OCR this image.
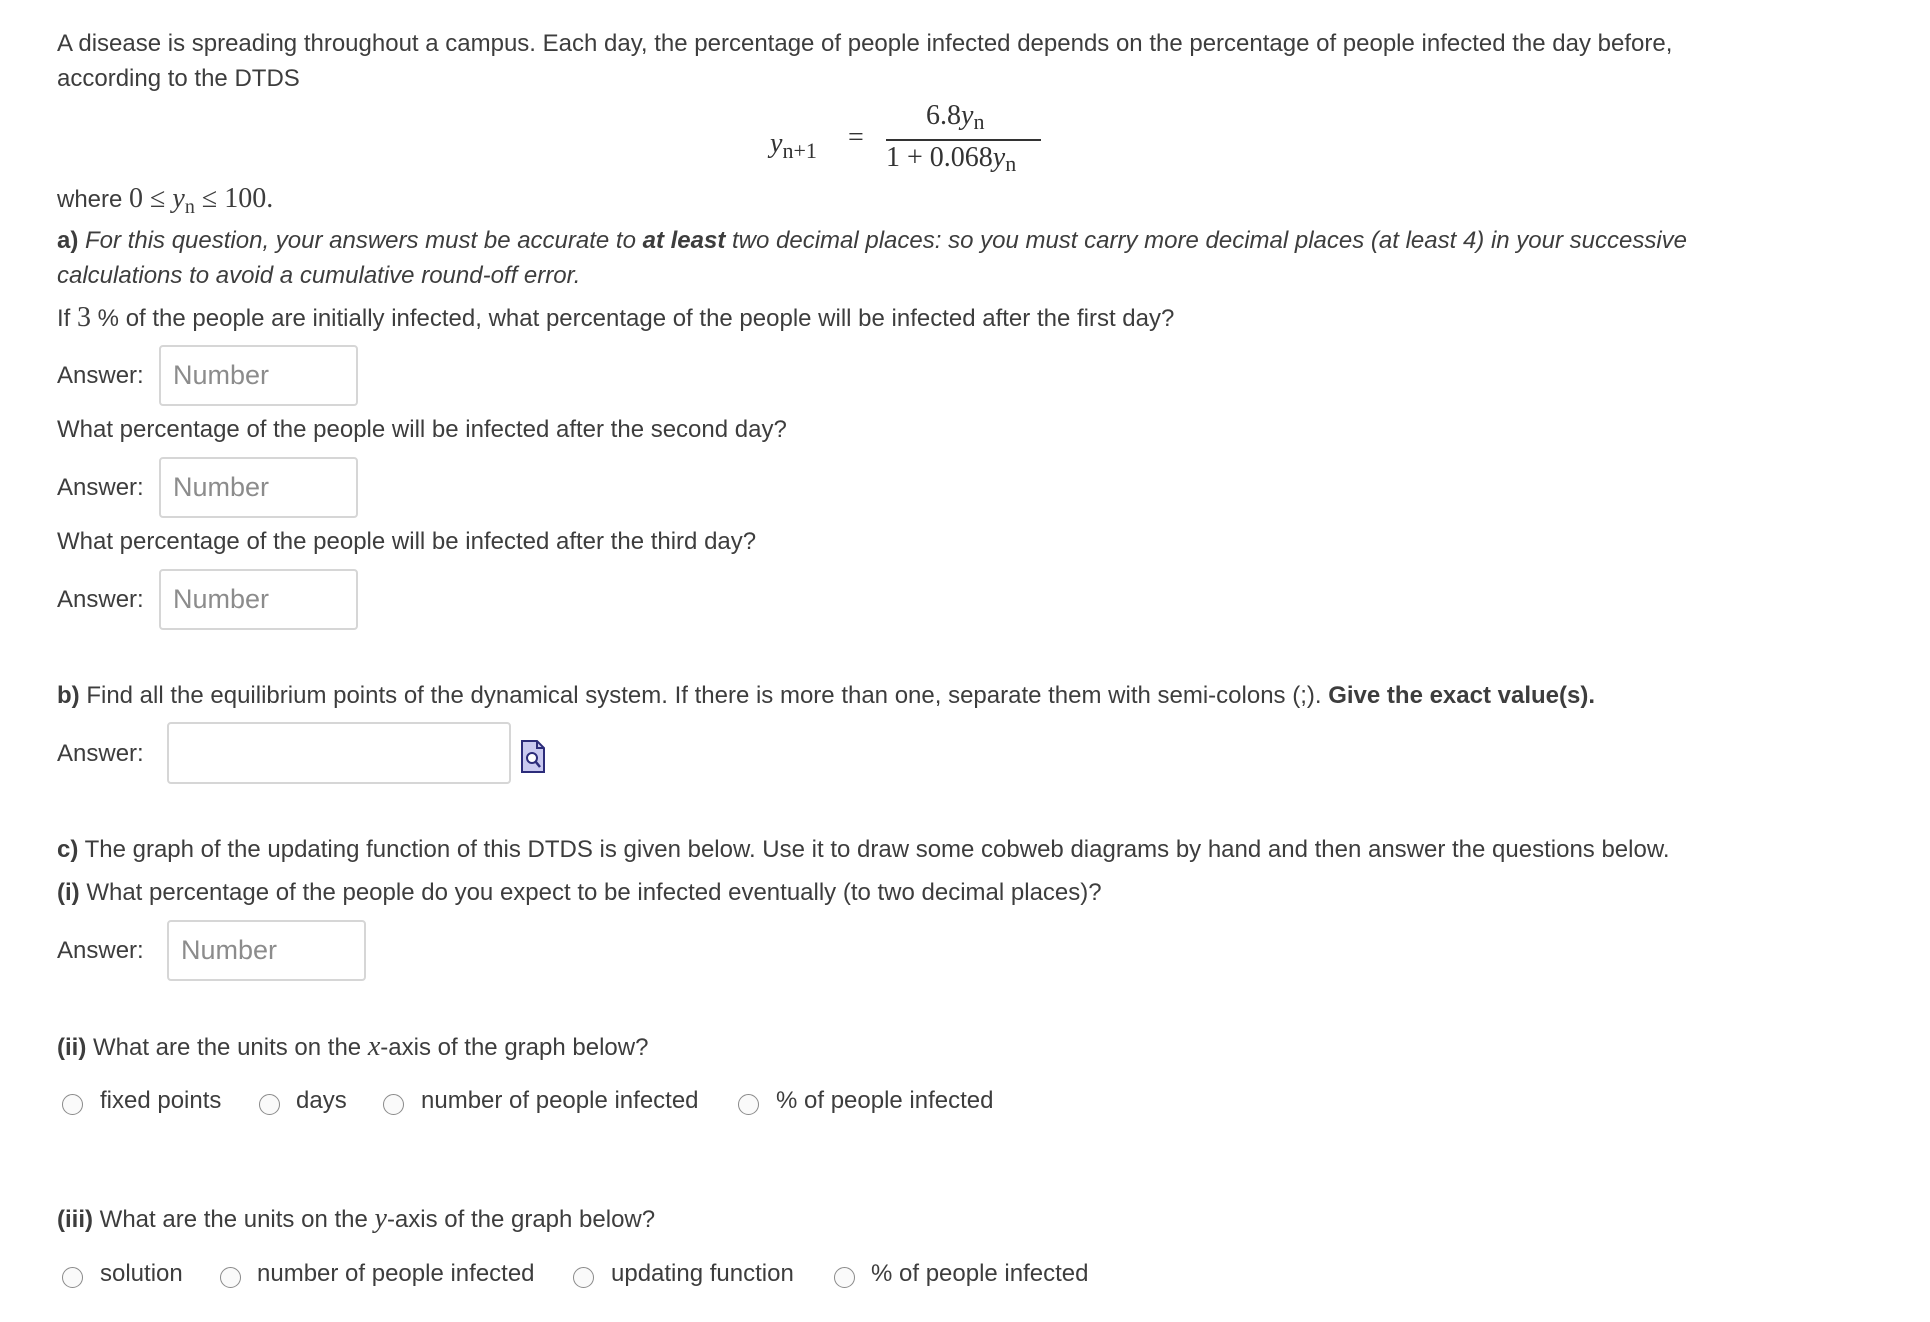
A disease is spreading throughout a campus. Each day, the percentage of people infected depends on the percentage of people infected the day before,
according to the DTDS
$y_{n+1}$ =
$6.8y_n$
$1 + 0.068y_n$
where $0 \le y_n \le 100$.
a) For this question, your answers must be accurate to at least two decimal places: so you must carry more decimal places (at least 4) in your successive
calculations to avoid a cumulative round-off error.
If 3 % of the people are initially infected, what percentage of the people will be infected after the first day?
Answer:
Number
What percentage of the people will be infected after the second day?
Answer:
Number
What percentage of the people will be infected after the third day?
Answer:
Number
b) Find all the equilibrium points of the dynamical system. If there is more than one, separate them with semi-colons (;). Give the exact value(s).
Answer:
c) The graph of the updating function of this DTDS is given below. Use it to draw some cobweb diagrams by hand and then answer the questions below.
(i) What percentage of the people do you expect to be infected eventually (to two decimal places)?
Answer:
Number
(ii) What are the units on the x-axis of the graph below?
fixed points	days	number of people infected	% of people infected
(iii) What are the units on the y-axis of the graph below?
solution	number of people infected	updating function	% of people infected
